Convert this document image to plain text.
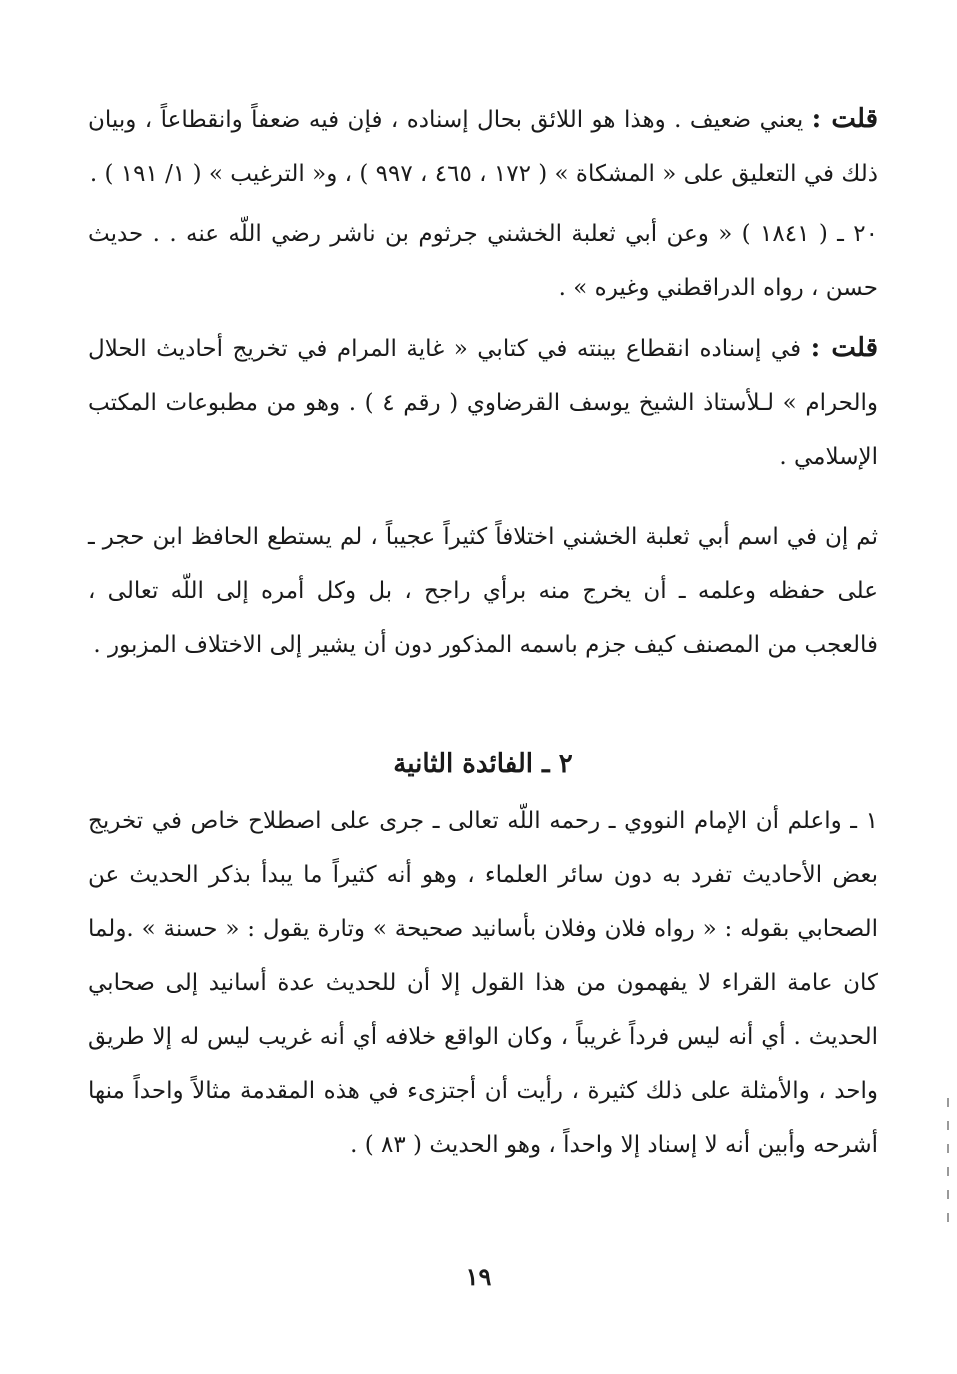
قلت : يعني ضعيف . وهذا هو اللائق بحال إسناده ، فإن فيه ضعفاً وانقطاعاً ، وبيان ذلك في التعليق على « المشكاة » ( ١٧٢ ، ٤٦٥ ، ٩٩٧ ) ، و« الترغيب » ( ١/ ١٩١ ) .

٢٠ ـ ( ١٨٤١ ) « وعن أبي ثعلبة الخشني جرثوم بن ناشر رضي اللّه عنه . . حديث حسن ، رواه الدراقطني وغيره » .

قلت : في إسناده انقطاع بينته في كتابي « غاية المرام في تخريج أحاديث الحلال والحرام » لـلأستاذ الشيخ يوسف القرضاوي ( رقم ٤ ) . وهو من مطبوعات المكتب الإسلامي .

ثم إن في اسم أبي ثعلبة الخشني اختلافاً كثيراً عجيباً ، لم يستطع الحافظ ابن حجر ـ على حفظه وعلمه ـ أن يخرج منه برأي راجح ، بل وكل أمره إلى اللّه تعالى ، فالعجب من المصنف كيف جزم باسمه المذكور دون أن يشير إلى الاختلاف المزبور .

٢ ـ الفائدة الثانية

١ ـ واعلم أن الإمام النووي ـ رحمه اللّه تعالى ـ جرى على اصطلاح خاص في تخريج بعض الأحاديث تفرد به دون سائر العلماء ، وهو أنه كثيراً ما يبدأ بذكر الحديث عن الصحابي بقوله : « رواه فلان وفلان بأسانيد صحيحة » وتارة يقول : « حسنة » .ولما كان عامة القراء لا يفهمون من هذا القول إلا أن للحديث عدة أسانيد إلى صحابي الحديث . أي أنه ليس فرداً غريباً ، وكان الواقع خلافه أي أنه غريب ليس له إلا طريق واحد ، والأمثلة على ذلك كثيرة ، رأيت أن أجتزىء في هذه المقدمة مثالاً واحداً منها أشرحه وأبين أنه لا إسناد إلا واحداً ، وهو الحديث ( ٨٣ ) .

١٩
